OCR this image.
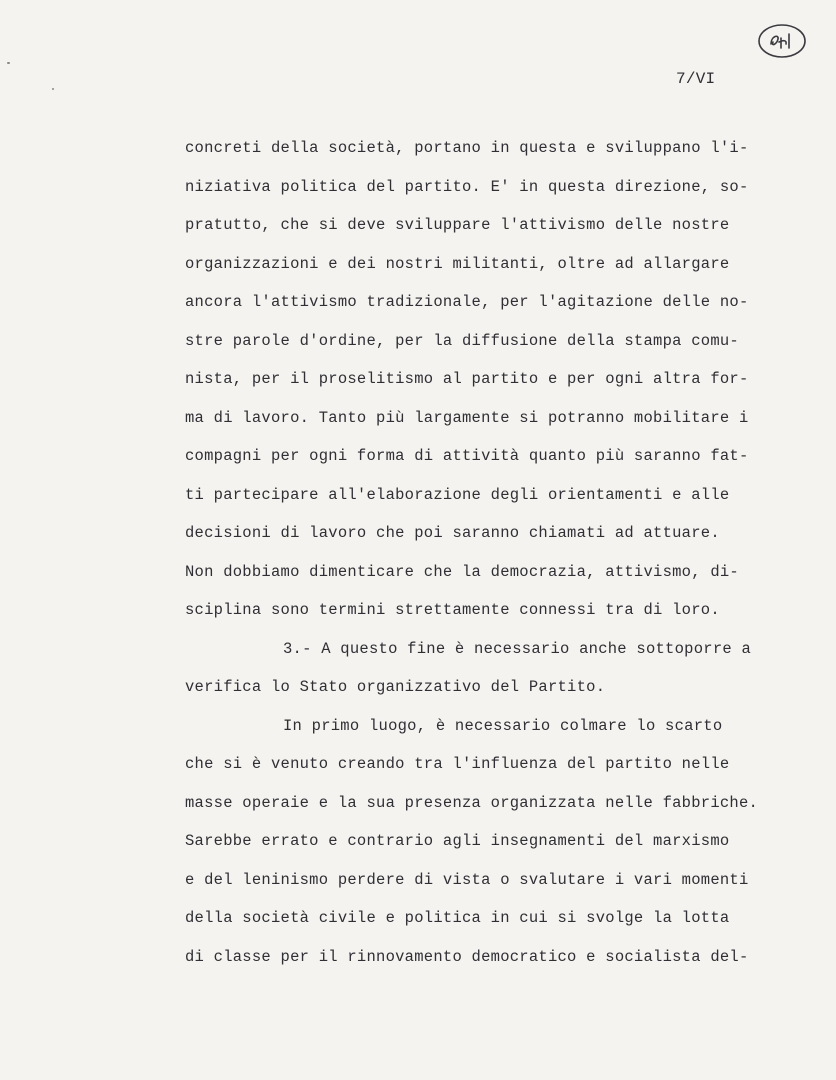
7/VI
concreti della società, portano in questa e sviluppano l'i-
niziativa politica del partito. E' in questa direzione, so-
pratutto, che si deve sviluppare l'attivismo delle nostre
organizzazioni e dei nostri militanti, oltre ad allargare
ancora l'attivismo tradizionale, per l'agitazione delle no-
stre parole d'ordine, per la diffusione della stampa comu-
nista, per il proselitismo al partito e per ogni altra for-
ma di lavoro. Tanto più largamente si potranno mobilitare i
compagni per ogni forma di attività quanto più saranno fat-
ti partecipare all'elaborazione degli orientamenti e alle
decisioni di lavoro che poi saranno chiamati ad attuare.
Non dobbiamo dimenticare che la democrazia, attivismo, di-
sciplina sono termini strettamente connessi tra di loro.
3.- A questo fine è necessario anche sottoporre a
verifica lo Stato organizzativo del Partito.
In primo luogo, è necessario colmare lo scarto
che si è venuto creando tra l'influenza del partito nelle
masse operaie e la sua presenza organizzata nelle fabbriche.
Sarebbe errato e contrario agli insegnamenti del marxismo
e del leninismo perdere di vista o svalutare i vari momenti
della società civile e politica in cui si svolge la lotta
di classe per il rinnovamento democratico e socialista del-
